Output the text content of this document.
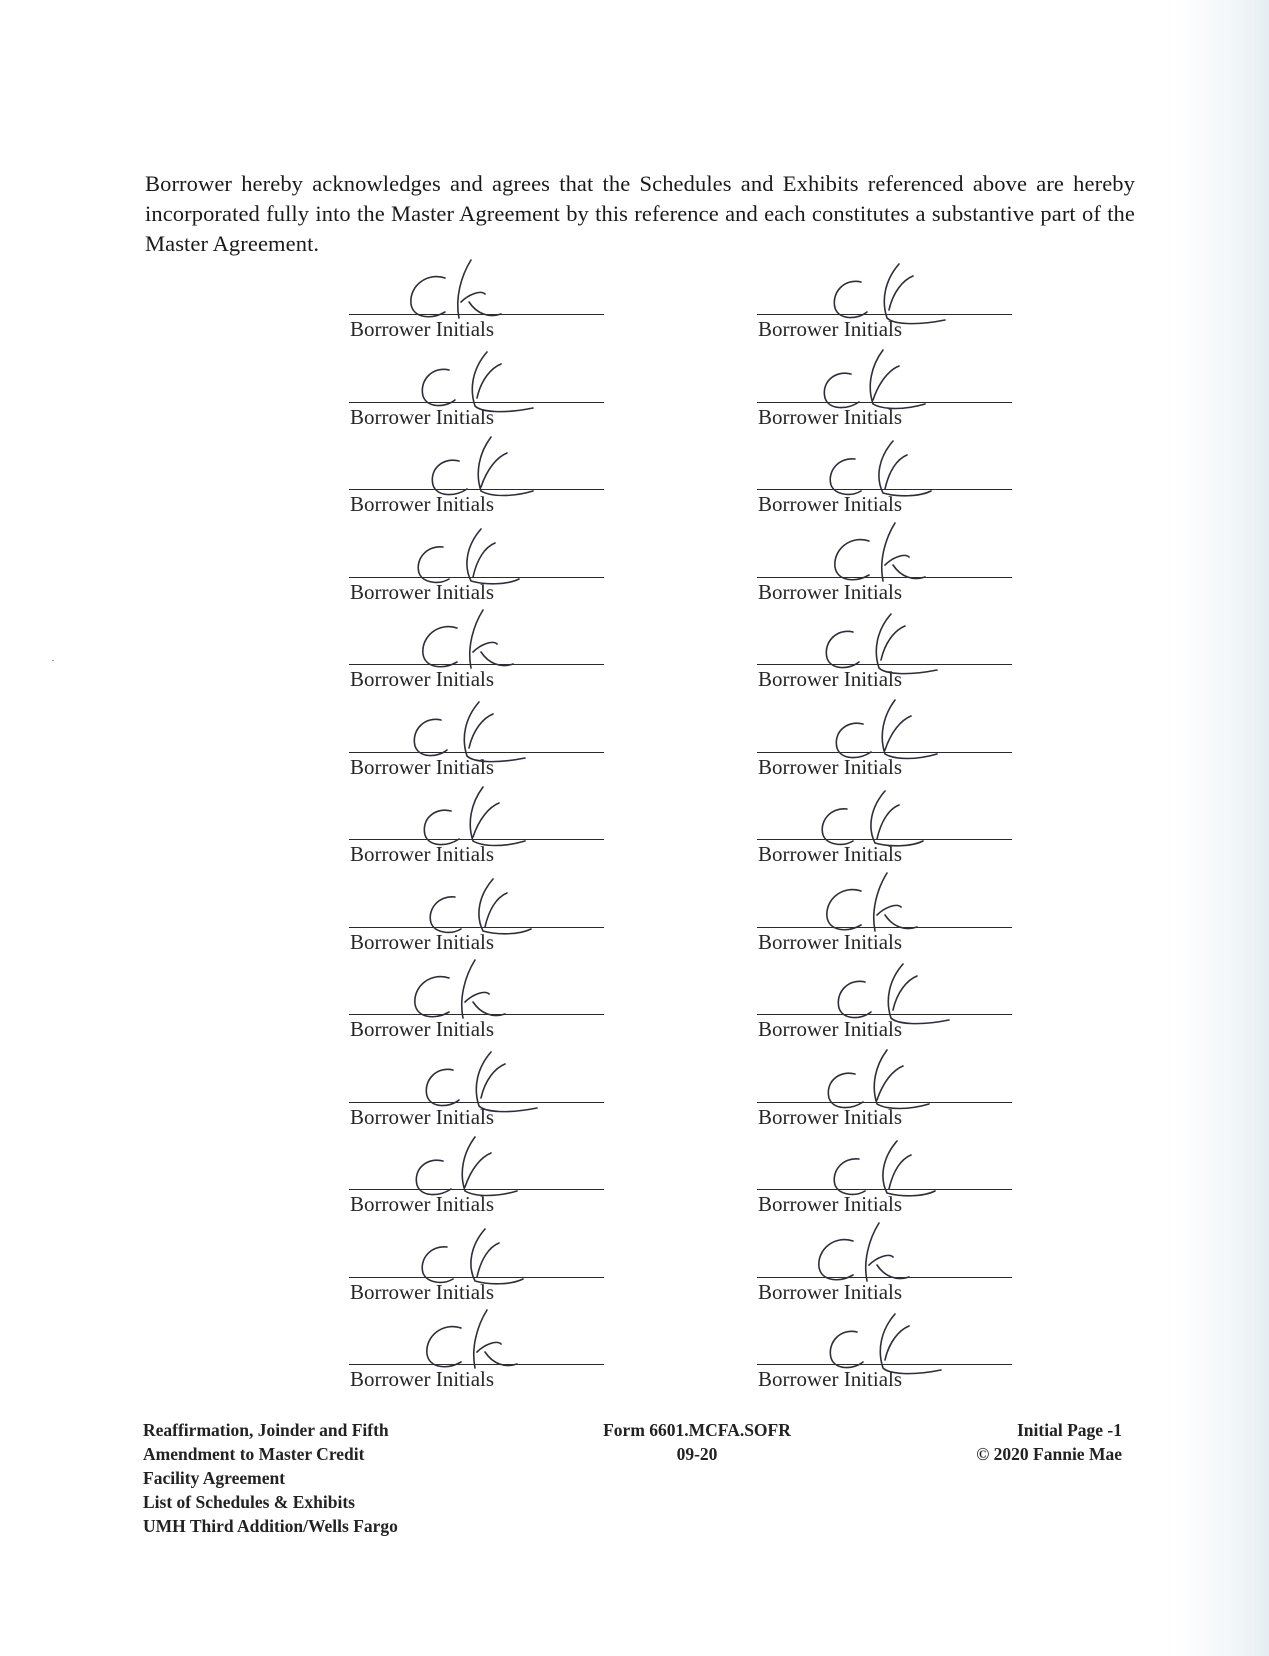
Borrower hereby acknowledges and agrees that the Schedules and Exhibits referenced above are hereby incorporated fully into the Master Agreement by this reference and each constitutes a substantive part of the Master Agreement.

Borrower Initials
Borrower Initials
Borrower Initials
Borrower Initials
Borrower Initials
Borrower Initials
Borrower Initials
Borrower Initials
Borrower Initials
Borrower Initials
Borrower Initials
Borrower Initials
Borrower Initials
Borrower Initials
Borrower Initials
Borrower Initials
Borrower Initials
Borrower Initials
Borrower Initials
Borrower Initials
Borrower Initials
Borrower Initials
Borrower Initials
Borrower Initials
Borrower Initials
Borrower Initials
Reaffirmation, Joinder and Fifth
Amendment to Master Credit
Facility Agreement
List of Schedules & Exhibits
UMH Third Addition/Wells Fargo
Form 6601.MCFA.SOFR
09-20
Initial Page -1
© 2020 Fannie Mae
